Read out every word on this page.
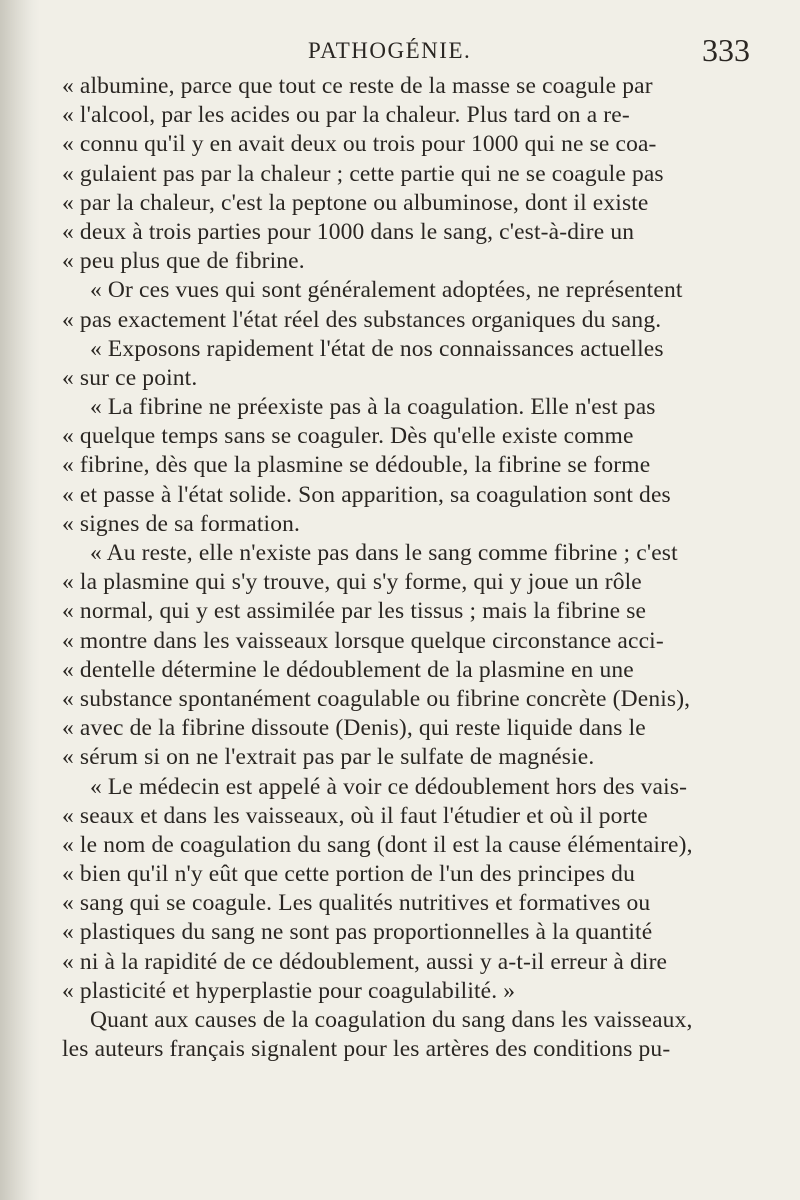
PATHOGÉNIE.	333
« albumine, parce que tout ce reste de la masse se coagule par
« l'alcool, par les acides ou par la chaleur. Plus tard on a re-
« connu qu'il y en avait deux ou trois pour 1000 qui ne se coa-
« gulaient pas par la chaleur ; cette partie qui ne se coagule pas
« par la chaleur, c'est la peptone ou albuminose, dont il existe
« deux à trois parties pour 1000 dans le sang, c'est-à-dire un
« peu plus que de fibrine.
« Or ces vues qui sont généralement adoptées, ne représentent
« pas exactement l'état réel des substances organiques du sang.
« Exposons rapidement l'état de nos connaissances actuelles
« sur ce point.
« La fibrine ne préexiste pas à la coagulation. Elle n'est pas
« quelque temps sans se coaguler. Dès qu'elle existe comme
« fibrine, dès que la plasmine se dédouble, la fibrine se forme
« et passe à l'état solide. Son apparition, sa coagulation sont des
« signes de sa formation.
« Au reste, elle n'existe pas dans le sang comme fibrine ; c'est
« la plasmine qui s'y trouve, qui s'y forme, qui y joue un rôle
« normal, qui y est assimilée par les tissus ; mais la fibrine se
« montre dans les vaisseaux lorsque quelque circonstance acci-
« dentelle détermine le dédoublement de la plasmine en une
« substance spontanément coagulable ou fibrine concrète (Denis),
« avec de la fibrine dissoute (Denis), qui reste liquide dans le
« sérum si on ne l'extrait pas par le sulfate de magnésie.
« Le médecin est appelé à voir ce dédoublement hors des vais-
« seaux et dans les vaisseaux, où il faut l'étudier et où il porte
« le nom de coagulation du sang (dont il est la cause élémentaire),
« bien qu'il n'y eût que cette portion de l'un des principes du
« sang qui se coagule. Les qualités nutritives et formatives ou
« plastiques du sang ne sont pas proportionnelles à la quantité
« ni à la rapidité de ce dédoublement, aussi y a-t-il erreur à dire
« plasticité et hyperplastie pour coagulabilité. »
Quant aux causes de la coagulation du sang dans les vaisseaux,
les auteurs français signalent pour les artères des conditions pu-
